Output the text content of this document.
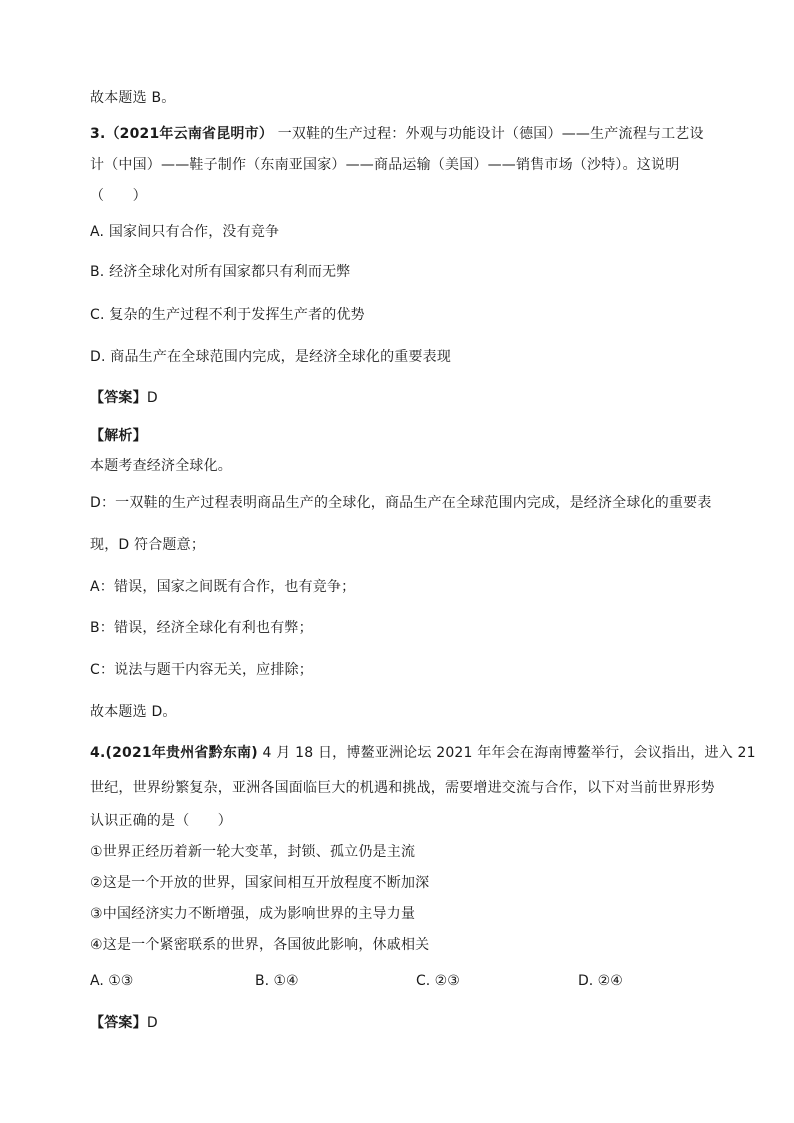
故本题选 B。
3.（2021年云南省昆明市） 一双鞋的生产过程：外观与功能设计（德国）——生产流程与工艺设
计（中国）——鞋子制作（东南亚国家）——商品运输（美国）——销售市场（沙特）。这说明
（　　）
A. 国家间只有合作，没有竞争
B. 经济全球化对所有国家都只有利而无弊
C. 复杂的生产过程不利于发挥生产者的优势
D. 商品生产在全球范围内完成，是经济全球化的重要表现
【答案】D
【解析】
本题考查经济全球化。
D：一双鞋的生产过程表明商品生产的全球化，商品生产在全球范围内完成，是经济全球化的重要表
现，D 符合题意；
A：错误，国家之间既有合作，也有竞争；
B：错误，经济全球化有利也有弊；
C：说法与题干内容无关，应排除；
故本题选 D。
4.(2021年贵州省黔东南) 4 月 18 日，博鳌亚洲论坛 2021 年年会在海南博鳌举行，会议指出，进入 21
世纪，世界纷繁复杂，亚洲各国面临巨大的机遇和挑战，需要增进交流与合作，以下对当前世界形势
认识正确的是（　　）
①世界正经历着新一轮大变革，封锁、孤立仍是主流
②这是一个开放的世界，国家间相互开放程度不断加深
③中国经济实力不断增强，成为影响世界的主导力量
④这是一个紧密联系的世界，各国彼此影响，休戚相关
A. ①③	B. ①④	C. ②③	D. ②④
【答案】D
